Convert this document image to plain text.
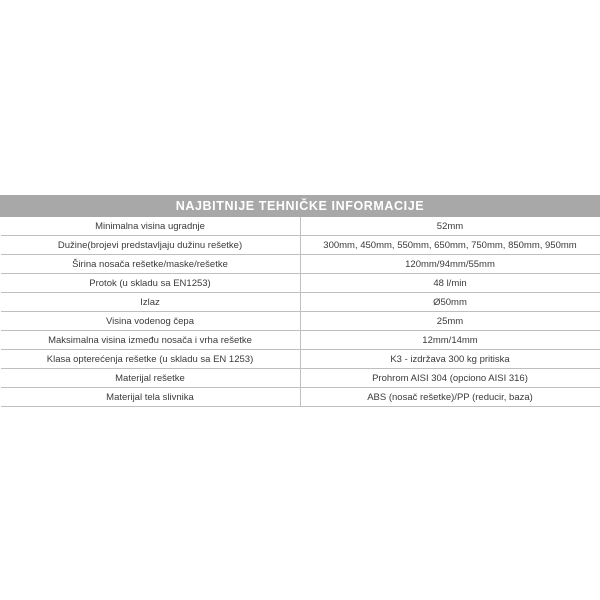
NAJBITNIJE TEHNIČKE INFORMACIJE	
Minimalna visina ugradnje	52mm
Dužine(brojevi predstavljaju dužinu rešetke)	300mm, 450mm, 550mm, 650mm, 750mm, 850mm, 950mm
Širina nosača rešetke/maske/rešetke	120mm/94mm/55mm
Protok (u skladu sa EN1253)	48 l/min
Izlaz	Ø50mm
Visina vodenog čepa	25mm
Maksimalna visina između nosača i vrha rešetke	12mm/14mm
Klasa opterećenja rešetke (u skladu sa EN 1253)	K3 - izdržava 300 kg pritiska
Materijal rešetke	Prohrom AISI 304 (opciono AISI 316)
Materijal tela slivnika	ABS (nosač rešetke)/PP (reducir, baza)
